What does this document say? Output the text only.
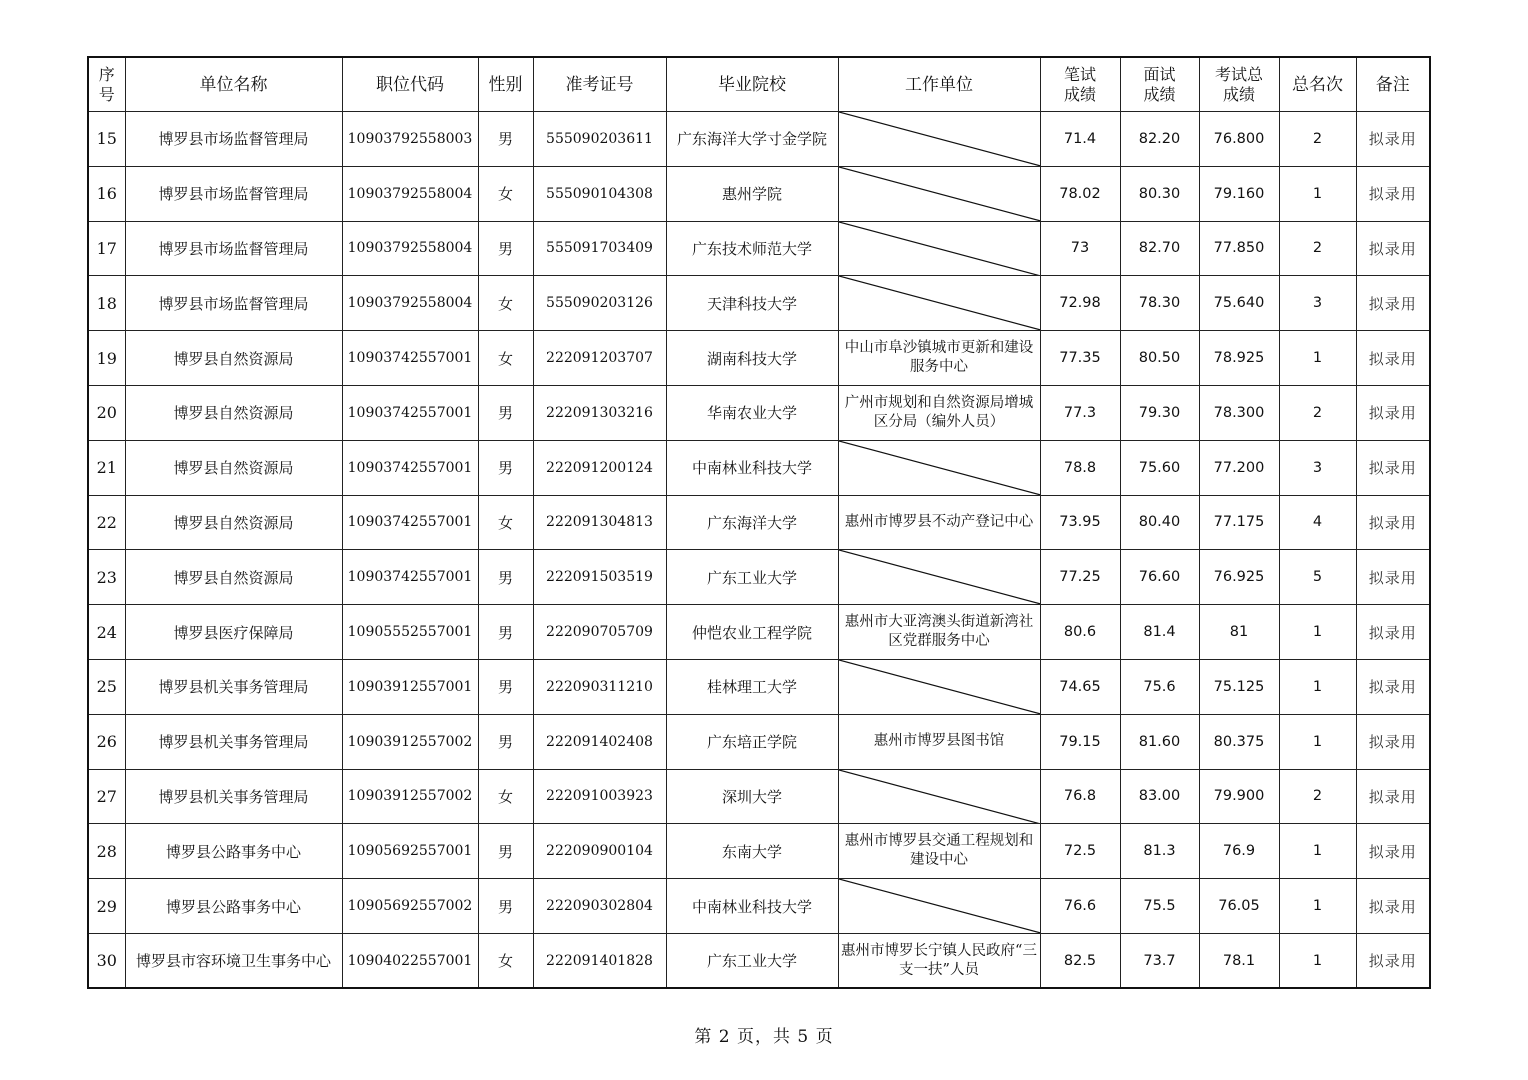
序号	单位名称	职位代码	性别	准考证号	毕业院校	工作单位	笔试成绩	面试成绩	考试总成绩	总名次	备注
15	博罗县市场监督管理局	10903792558003	男	555090203611	广东海洋大学寸金学院		71.4	82.20	76.800	2	拟录用
16	博罗县市场监督管理局	10903792558004	女	555090104308	惠州学院		78.02	80.30	79.160	1	拟录用
17	博罗县市场监督管理局	10903792558004	男	555091703409	广东技术师范大学		73	82.70	77.850	2	拟录用
18	博罗县市场监督管理局	10903792558004	女	555090203126	天津科技大学		72.98	78.30	75.640	3	拟录用
19	博罗县自然资源局	10903742557001	女	222091203707	湖南科技大学	中山市阜沙镇城市更新和建设服务中心	77.35	80.50	78.925	1	拟录用
20	博罗县自然资源局	10903742557001	男	222091303216	华南农业大学	广州市规划和自然资源局增城区分局（编外人员）	77.3	79.30	78.300	2	拟录用
21	博罗县自然资源局	10903742557001	男	222091200124	中南林业科技大学		78.8	75.60	77.200	3	拟录用
22	博罗县自然资源局	10903742557001	女	222091304813	广东海洋大学	惠州市博罗县不动产登记中心	73.95	80.40	77.175	4	拟录用
23	博罗县自然资源局	10903742557001	男	222091503519	广东工业大学		77.25	76.60	76.925	5	拟录用
24	博罗县医疗保障局	10905552557001	男	222090705709	仲恺农业工程学院	惠州市大亚湾澳头街道新湾社区党群服务中心	80.6	81.4	81	1	拟录用
25	博罗县机关事务管理局	10903912557001	男	222090311210	桂林理工大学		74.65	75.6	75.125	1	拟录用
26	博罗县机关事务管理局	10903912557002	男	222091402408	广东培正学院	惠州市博罗县图书馆	79.15	81.60	80.375	1	拟录用
27	博罗县机关事务管理局	10903912557002	女	222091003923	深圳大学		76.8	83.00	79.900	2	拟录用
28	博罗县公路事务中心	10905692557001	男	222090900104	东南大学	惠州市博罗县交通工程规划和建设中心	72.5	81.3	76.9	1	拟录用
29	博罗县公路事务中心	10905692557002	男	222090302804	中南林业科技大学		76.6	75.5	76.05	1	拟录用
30	博罗县市容环境卫生事务中心	10904022557001	女	222091401828	广东工业大学	惠州市博罗长宁镇人民政府“三支一扶”人员	82.5	73.7	78.1	1	拟录用
第 2 页，共 5 页
